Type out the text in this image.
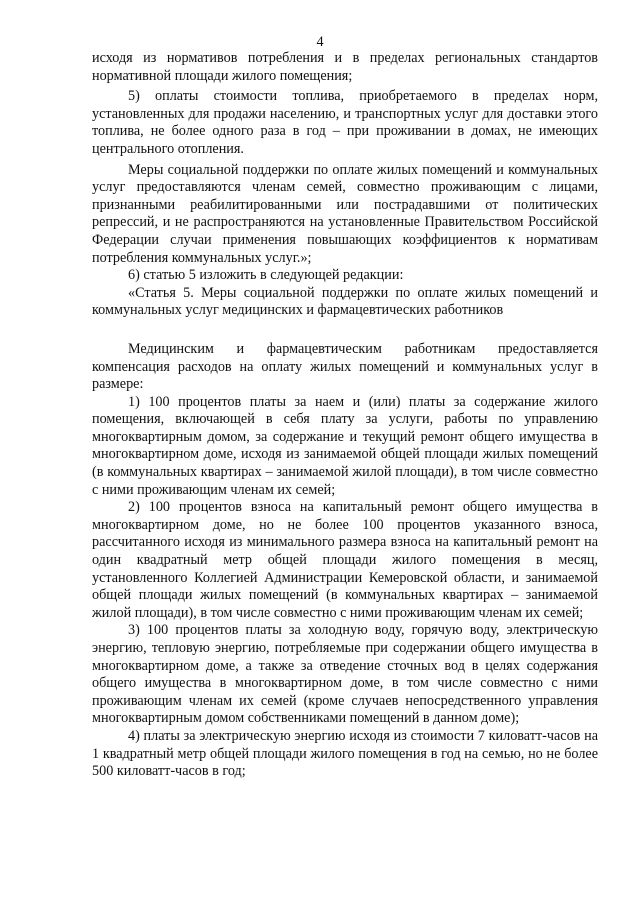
4

исходя из нормативов потребления и в пределах региональных стандартов нормативной площади жилого помещения;

5) оплаты стоимости топлива, приобретаемого в пределах норм, установленных для продажи населению, и транспортных услуг для доставки этого топлива, не более одного раза в год – при проживании в домах, не имеющих центрального отопления.

Меры социальной поддержки по оплате жилых помещений и коммунальных услуг предоставляются членам семей, совместно проживающим с лицами, признанными реабилитированными или пострадавшими от политических репрессий, и не распространяются на установленные Правительством Российской Федерации случаи применения повышающих коэффициентов к нормативам потребления коммунальных услуг.»;

6) статью 5 изложить в следующей редакции:

«Статья 5. Меры социальной поддержки по оплате жилых помещений и коммунальных услуг медицинских и фармацевтических работников

Медицинским и фармацевтическим работникам предоставляется компенсация расходов на оплату жилых помещений и коммунальных услуг в размере:

1) 100 процентов платы за наем и (или) платы за содержание жилого помещения, включающей в себя плату за услуги, работы по управлению многоквартирным домом, за содержание и текущий ремонт общего имущества в многоквартирном доме, исходя из занимаемой общей площади жилых помещений (в коммунальных квартирах – занимаемой жилой площади), в том числе совместно с ними проживающим членам их семей;

2) 100 процентов взноса на капитальный ремонт общего имущества в многоквартирном доме, но не более 100 процентов указанного взноса, рассчитанного исходя из минимального размера взноса на капитальный ремонт на один квадратный метр общей площади жилого помещения в месяц, установленного Коллегией Администрации Кемеровской области, и занимаемой общей площади жилых помещений (в коммунальных квартирах – занимаемой жилой площади), в том числе совместно с ними проживающим членам их семей;

3) 100 процентов платы за холодную воду, горячую воду, электрическую энергию, тепловую энергию, потребляемые при содержании общего имущества в многоквартирном доме, а также за отведение сточных вод в целях содержания общего имущества в многоквартирном доме, в том числе совместно с ними проживающим членам их семей (кроме случаев непосредственного управления многоквартирным домом собственниками помещений в данном доме);

4) платы за электрическую энергию исходя из стоимости 7 киловатт-часов на 1 квадратный метр общей площади жилого помещения в год на семью, но не более 500 киловатт-часов в год;
